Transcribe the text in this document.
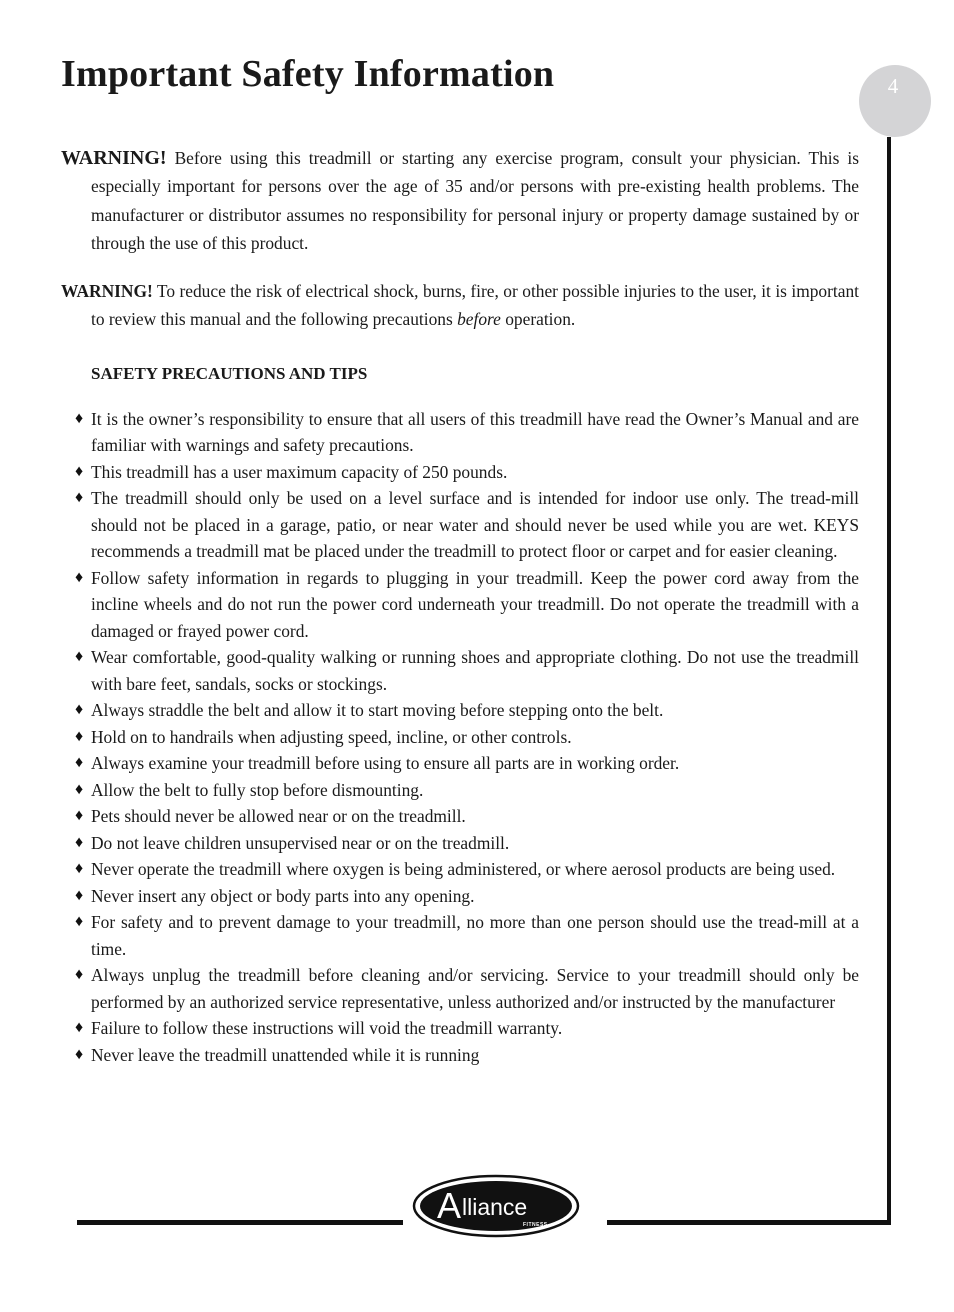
Important Safety Information	4

WARNING! Before using this treadmill or starting any exercise program, consult your physician. This is especially important for persons over the age of 35 and/or persons with pre-existing health problems. The manufacturer or distributor assumes no responsibility for personal injury or property damage sustained by or through the use of this product.

WARNING! To reduce the risk of electrical shock, burns, fire, or other possible injuries to the user, it is important to review this manual and the following precautions before operation.

SAFETY PRECAUTIONS AND TIPS
♦ It is the owner’s responsibility to ensure that all users of this treadmill have read the Owner’s Manual and are familiar with warnings and safety precautions.
♦ This treadmill has a user maximum capacity of 250 pounds.
♦ The treadmill should only be used on a level surface and is intended for indoor use only. The tread-mill should not be placed in a garage, patio, or near water and should never be used while you are wet. KEYS recommends a treadmill mat be placed under the treadmill to protect floor or carpet and for easier cleaning.
♦ Follow safety information in regards to plugging in your treadmill. Keep the power cord away from the incline wheels and do not run the power cord underneath your treadmill. Do not operate the treadmill with a damaged or frayed power cord.
♦ Wear comfortable, good-quality walking or running shoes and appropriate clothing. Do not use the treadmill with bare feet, sandals, socks or stockings.
♦ Always straddle the belt and allow it to start moving before stepping onto the belt.
♦ Hold on to handrails when adjusting speed, incline, or other controls.
♦ Always examine your treadmill before using to ensure all parts are in working order.
♦ Allow the belt to fully stop before dismounting.
♦ Pets should never be allowed near or on the treadmill.
♦ Do not leave children unsupervised near or on the treadmill.
♦ Never operate the treadmill where oxygen is being administered, or where aerosol products are being used.
♦ Never insert any object or body parts into any opening.
♦ For safety and to prevent damage to your treadmill, no more than one person should use the tread-mill at a time.
♦ Always unplug the treadmill before cleaning and/or servicing. Service to your treadmill should only be performed by an authorized service representative, unless authorized and/or instructed by the manufacturer
♦ Failure to follow these instructions will void the treadmill warranty.
♦ Never leave the treadmill unattended while it is running
A lliance
FITNESS
